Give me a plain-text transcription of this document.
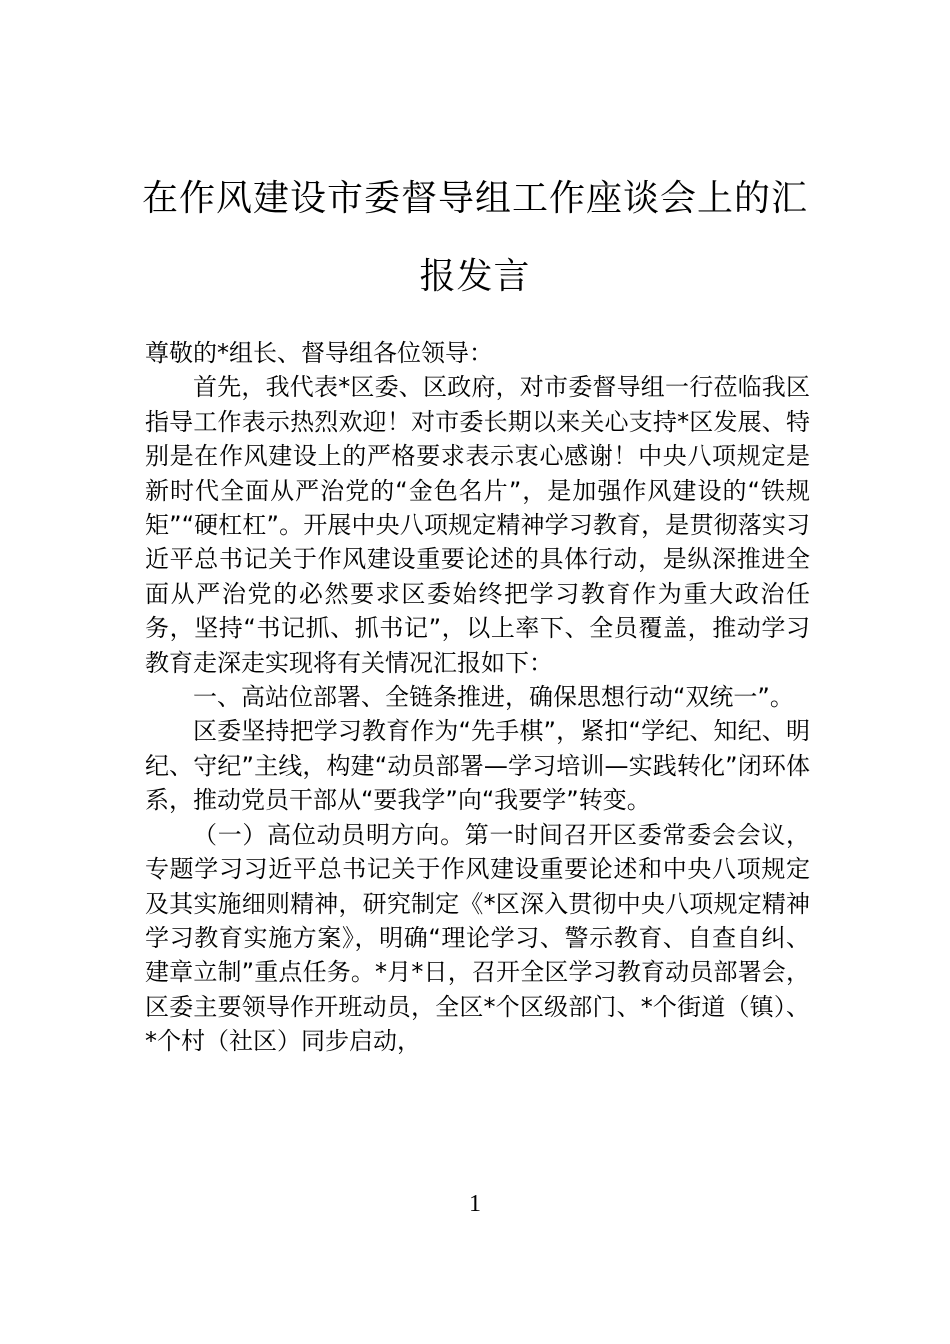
在作风建设市委督导组工作座谈会上的汇
报发言

尊敬的*组长、督导组各位领导：

首先，我代表*区委、区政府，对市委督导组一行莅临我区指导工作表示热烈欢迎！对市委长期以来关心支持*区发展、特别是在作风建设上的严格要求表示衷心感谢！中央八项规定是新时代全面从严治党的“金色名片”，是加强作风建设的“铁规矩”“硬杠杠”。开展中央八项规定精神学习教育，是贯彻落实习近平总书记关于作风建设重要论述的具体行动，是纵深推进全面从严治党的必然要求区委始终把学习教育作为重大政治任务，坚持“书记抓、抓书记”，以上率下、全员覆盖，推动学习教育走深走实现将有关情况汇报如下：

一、高站位部署、全链条推进，确保思想行动“双统一”。

区委坚持把学习教育作为“先手棋”，紧扣“学纪、知纪、明纪、守纪”主线，构建“动员部署—学习培训—实践转化”闭环体系，推动党员干部从“要我学”向“我要学”转变。

（一）高位动员明方向。第一时间召开区委常委会会议，专题学习习近平总书记关于作风建设重要论述和中央八项规定及其实施细则精神，研究制定《*区深入贯彻中央八项规定精神学习教育实施方案》，明确“理论学习、警示教育、自查自纠、建章立制”重点任务。*月*日，召开全区学习教育动员部署会，区委主要领导作开班动员，全区*个区级部门、*个街道（镇）、*个村（社区）同步启动，

1
